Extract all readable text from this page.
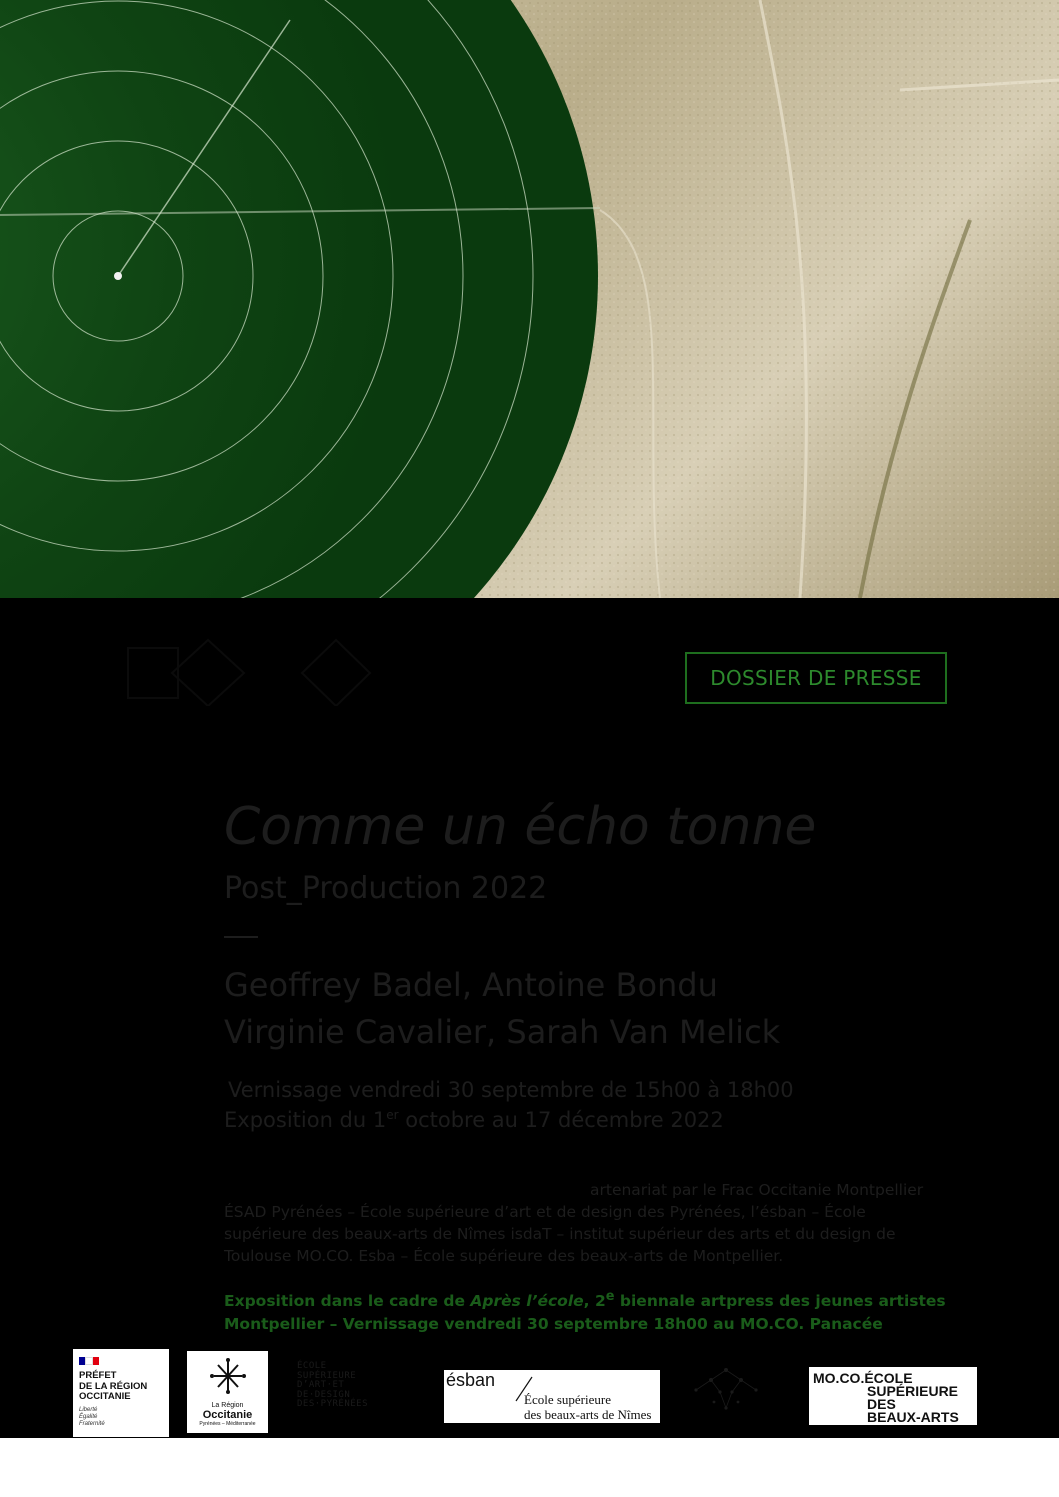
DOSSIER DE PRESSE
Comme un écho tonne
Post_Production 2022
Geoffrey Badel, Antoine Bondu
Virginie Cavalier, Sarah Van Melick
Vernissage vendredi 30 septembre de 15h00 à 18h00
Exposition du 1er octobre au 17 décembre 2022
artenariat par le Frac Occitanie Montpellier
ÉSAD Pyrénées – École supérieure d’art et de design des Pyrénées, l’ésban – École
supérieure des beaux-arts de Nîmes isdaT – institut supérieur des arts et du design de
Toulouse MO.CO. Esba – École supérieure des beaux-arts de Montpellier.
Exposition dans le cadre de Après l’école, 2e biennale artpress des jeunes artistes
Montpellier – Vernissage vendredi 30 septembre 18h00 au MO.CO. Panacée
PRÉFET
DE LA RÉGION
OCCITANIE
Liberté
Égalité
Fraternité
La Région
Occitanie
Pyrénées – Méditerranée
ÉCOLE
SUPÉRIEURE
D’ART·ET
DE·DESIGN
DES·PYRÉNÉES
ésban
École supérieure
des beaux-arts de Nîmes
MO.CO.ÉCOLE
SUPÉRIEURE
DES
BEAUX-ARTS
